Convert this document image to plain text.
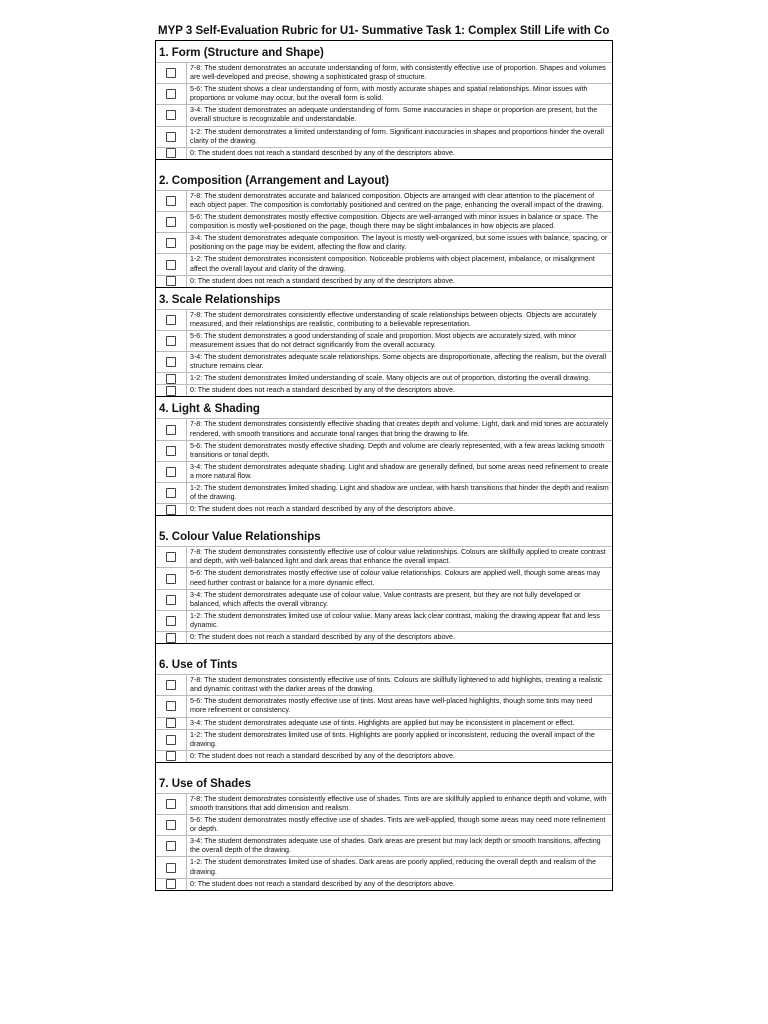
MYP 3 Self-Evaluation Rubric for U1- Summative Task 1: Complex Still Life with Co
1. Form (Structure and Shape)
7-8: The student demonstrates an accurate understanding of form, with consistently effective use of proportion. Shapes and volumes are well-developed and precise, showing a sophisticated grasp of structure.
5-6: The student shows a clear understanding of form, with mostly accurate shapes and spatial relationships. Minor issues with proportions or volume may occur, but the overall form is solid.
3-4: The student demonstrates an adequate understanding of form. Some inaccuracies in shape or proportion are present, but the overall structure is recognizable and understandable.
1-2: The student demonstrates a limited understanding of form. Significant inaccuracies in shapes and proportions hinder the overall clarity of the drawing.
0: The student does not reach a standard described by any of the descriptors above.
2. Composition (Arrangement and Layout)
7-8: The student demonstrates accurate and balanced composition. Objects are arranged with clear attention to the placement of each object paper. The composition is comfortably positioned and centred on the page, enhancing the overall impact of the drawing.
5-6: The student demonstrates mostly effective composition. Objects are well-arranged with minor issues in balance or space. The composition is mostly well-positioned on the page, though there may be slight imbalances in how objects are placed.
3-4: The student demonstrates adequate composition. The layout is mostly well-organized, but some issues with balance, spacing, or positioning on the page may be evident, affecting the flow and clarity.
1-2: The student demonstrates inconsistent composition. Noticeable problems with object placement, imbalance, or misalignment affect the overall layout and clarity of the drawing.
0: The student does not reach a standard described by any of the descriptors above.
3. Scale Relationships
7-8: The student demonstrates consistently effective understanding of scale relationships between objects. Objects are accurately measured, and their relationships are realistic, contributing to a believable representation.
5-6: The student demonstrates a good understanding of scale and proportion. Most objects are accurately sized, with minor measurement issues that do not detract significantly from the overall accuracy.
3-4: The student demonstrates adequate scale relationships. Some objects are disproportionate, affecting the realism, but the overall structure remains clear.
1-2: The student demonstrates limited understanding of scale. Many objects are out of proportion, distorting the overall drawing.
0: The student does not reach a standard described by any of the descriptors above.
4. Light & Shading
7-8: The student demonstrates consistently effective shading that creates depth and volume. Light, dark and mid tones are accurately rendered, with smooth transitions and accurate tonal ranges that bring the drawing to life.
5-6: The student demonstrates mostly effective shading. Depth and volume are clearly represented, with a few areas lacking smooth transitions or tonal depth.
3-4: The student demonstrates adequate shading. Light and shadow are generally defined, but some areas need refinement to create a more natural flow.
1-2: The student demonstrates limited shading. Light and shadow are unclear, with harsh transitions that hinder the depth and realism of the drawing.
0: The student does not reach a standard described by any of the descriptors above.
5. Colour Value Relationships
7-8: The student demonstrates consistently effective use of colour value relationships. Colours are skillfully applied to create contrast and depth, with well-balanced light and dark areas that enhance the overall impact.
5-6: The student demonstrates mostly effective use of colour value relationships. Colours are applied well, though some areas may need further contrast or balance for a more dynamic effect.
3-4: The student demonstrates adequate use of colour value. Value contrasts are present, but they are not fully developed or balanced, which affects the overall vibrancy.
1-2: The student demonstrates limited use of colour value. Many areas lack clear contrast, making the drawing appear flat and less dynamic.
0: The student does not reach a standard described by any of the descriptors above.
6. Use of Tints
7-8: The student demonstrates consistently effective use of tints. Colours are skillfully lightened to add highlights, creating a realistic and dynamic contrast with the darker areas of the drawing.
5-6: The student demonstrates mostly effective use of tints. Most areas have well-placed highlights, though some tints may need more refinement or consistency.
3-4: The student demonstrates adequate use of tints. Highlights are applied but may be inconsistent in placement or effect.
1-2: The student demonstrates limited use of tints. Highlights are poorly applied or inconsistent, reducing the overall impact of the drawing.
0: The student does not reach a standard described by any of the descriptors above.
7. Use of Shades
7-8: The student demonstrates consistently effective use of shades. Tints are are skillfully applied to enhance depth and volume, with smooth transitions that add dimension and realism.
5-6: The student demonstrates mostly effective use of shades. Tints are well-applied, though some areas may need more refinement or depth.
3-4: The student demonstrates adequate use of shades. Dark areas are present but may lack depth or smooth transitions, affecting the overall depth of the drawing.
1-2: The student demonstrates limited use of shades. Dark areas are poorly applied, reducing the overall depth and realism of the drawing.
0: The student does not reach a standard described by any of the descriptors above.
